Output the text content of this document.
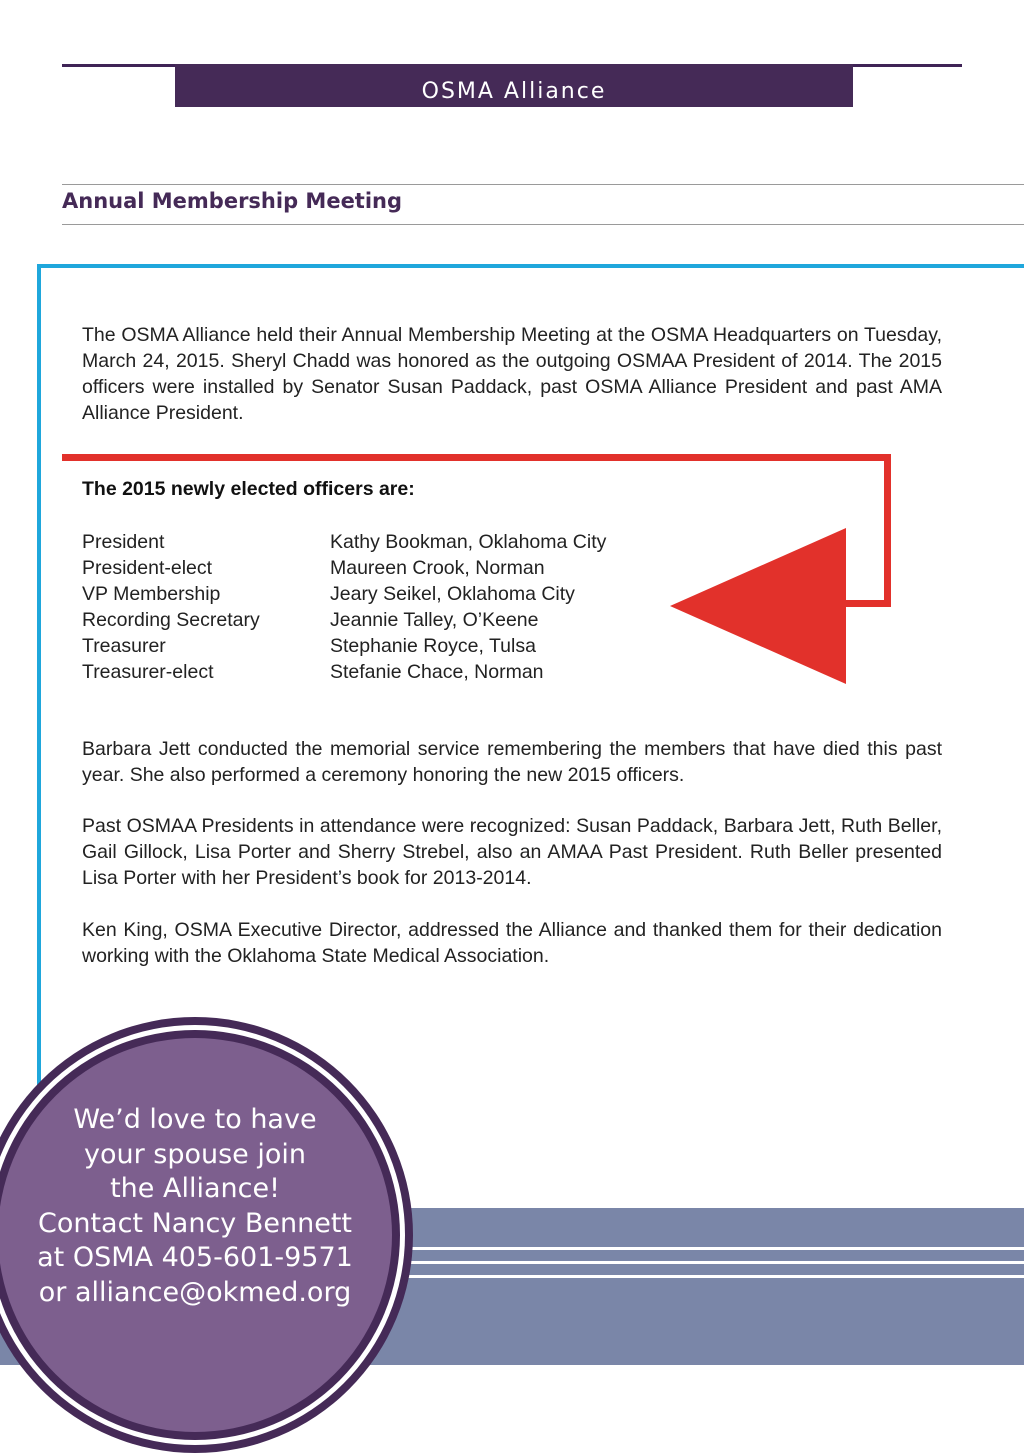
OSMA Alliance
Annual Membership Meeting

The OSMA Alliance held their Annual Membership Meeting at the OSMA Headquarters on Tuesday, March 24, 2015. Sheryl Chadd was honored as the outgoing OSMAA President of 2014. The 2015 officers were installed by Senator Susan Paddack, past OSMA Alliance President and past AMA Alliance President.

The 2015 newly elected officers are:
President	Kathy Bookman, Oklahoma City
President-elect	Maureen Crook, Norman
VP Membership	Jeary Seikel, Oklahoma City
Recording Secretary	Jeannie Talley, O’Keene
Treasurer	Stephanie Royce, Tulsa
Treasurer-elect	Stefanie Chace, Norman

Barbara Jett conducted the memorial service remembering the members that have died this past year. She also performed a ceremony honoring the new 2015 officers.

Past OSMAA Presidents in attendance were recognized: Susan Paddack, Barbara Jett, Ruth Beller, Gail Gillock, Lisa Porter and Sherry Strebel, also an AMAA Past President. Ruth Beller presented Lisa Porter with her President’s book for 2013-2014.

Ken King, OSMA Executive Director, addressed the Alliance and thanked them for their dedication working with the Oklahoma State Medical Association.

We’d love to have
your spouse join
the Alliance!
Contact Nancy Bennett
at OSMA 405-601-9571
or alliance@okmed.org
